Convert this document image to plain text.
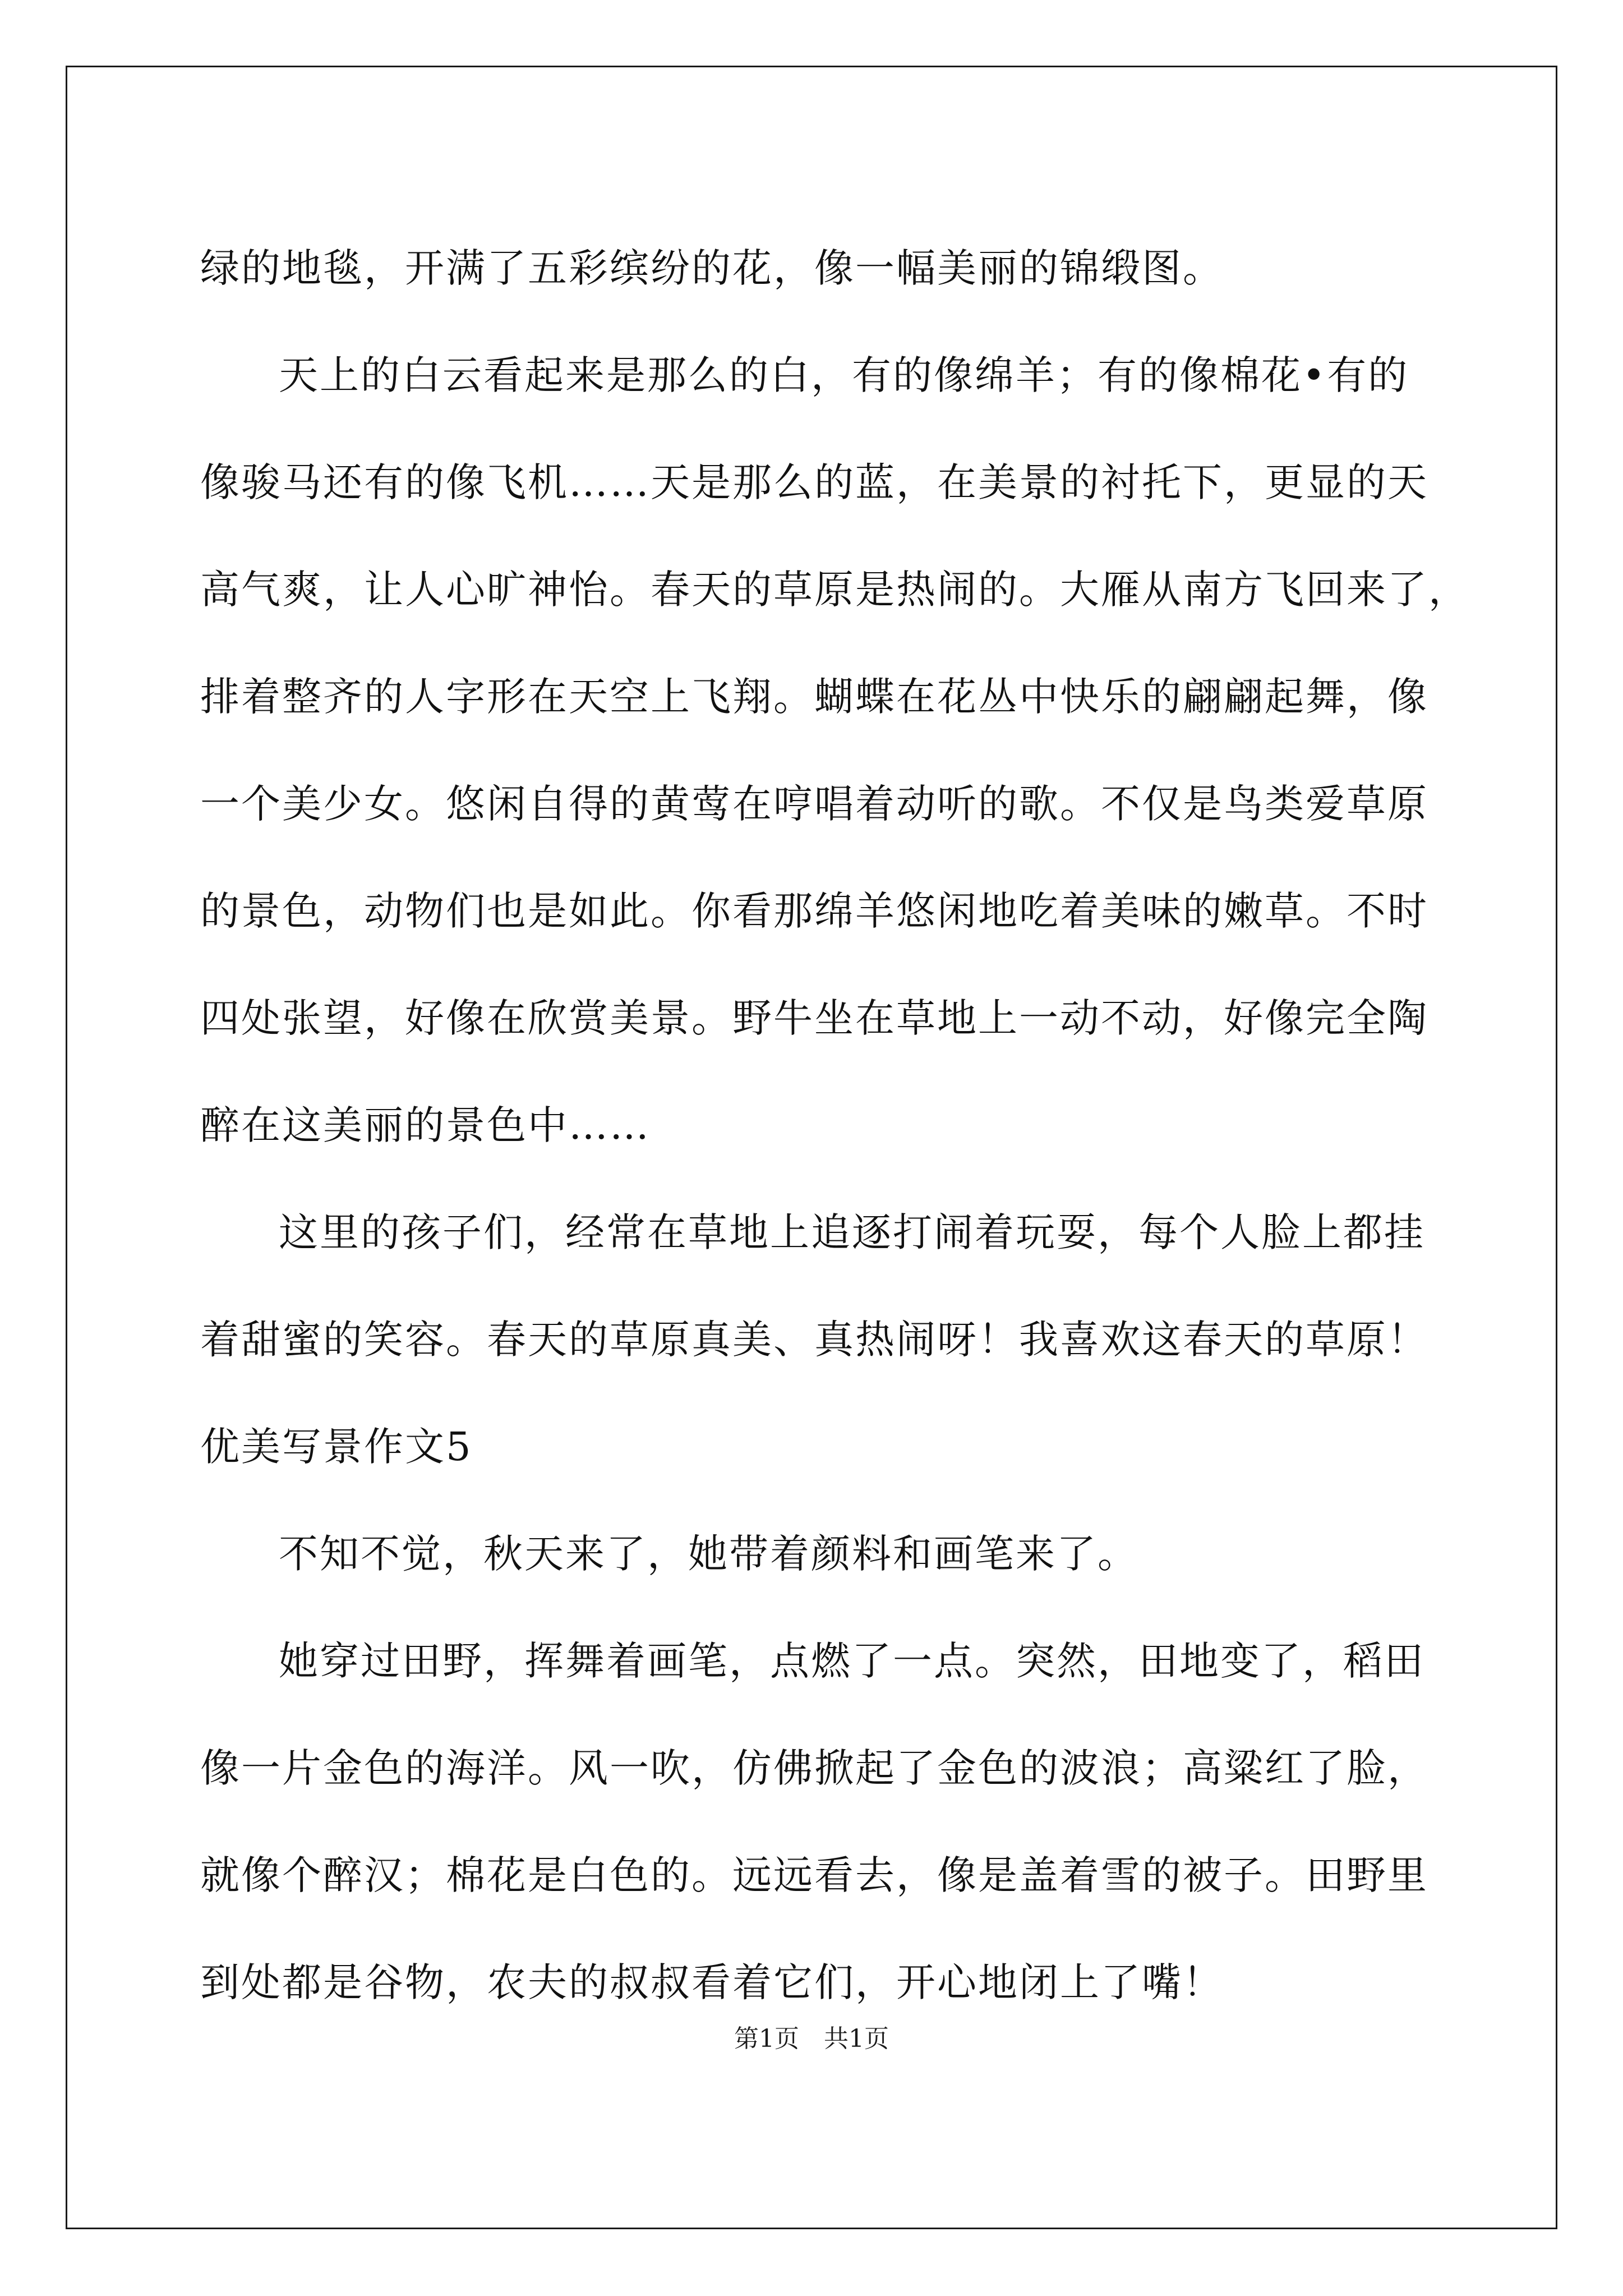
绿的地毯，开满了五彩缤纷的花，像一幅美丽的锦缎图。
天上的白云看起来是那么的白，有的像绵羊；有的像棉花•有的
像骏马还有的像飞机……天是那么的蓝，在美景的衬托下，更显的天
高气爽，让人心旷神怡。春天的草原是热闹的。大雁从南方飞回来了，
排着整齐的人字形在天空上飞翔。蝴蝶在花丛中快乐的翩翩起舞，像
一个美少女。悠闲自得的黄莺在哼唱着动听的歌。不仅是鸟类爱草原
的景色，动物们也是如此。你看那绵羊悠闲地吃着美味的嫩草。不时
四处张望，好像在欣赏美景。野牛坐在草地上一动不动，好像完全陶
醉在这美丽的景色中……
这里的孩子们，经常在草地上追逐打闹着玩耍，每个人脸上都挂
着甜蜜的笑容。春天的草原真美、真热闹呀！我喜欢这春天的草原！
优美写景作文5
不知不觉，秋天来了，她带着颜料和画笔来了。
她穿过田野，挥舞着画笔，点燃了一点。突然，田地变了，稻田
像一片金色的海洋。风一吹，仿佛掀起了金色的波浪；高粱红了脸，
就像个醉汉；棉花是白色的。远远看去，像是盖着雪的被子。田野里
到处都是谷物，农夫的叔叔看着它们，开心地闭上了嘴！
第1页　共1页
